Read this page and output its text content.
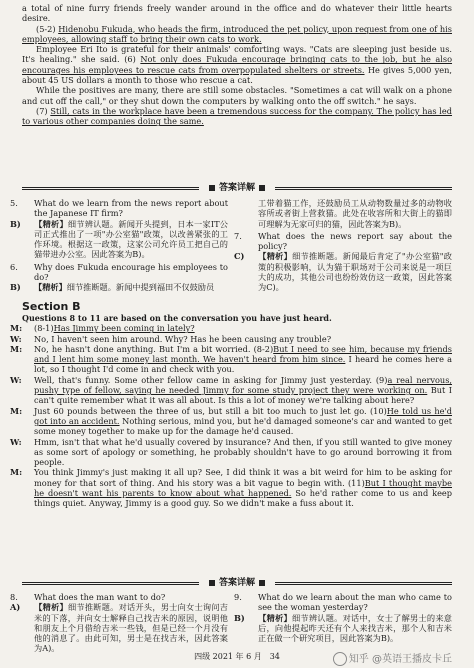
a total of nine furry friends freely wander around in the office and do whatever their little hearts desire.

(5-2) Hidenobu Fukuda, who heads the firm, introduced the pet policy, upon request from one of his employees, allowing staff to bring their own cats to work.

Employee Eri Ito is grateful for their animals' comforting ways. "Cats are sleeping just beside us. It's healing." she said. (6) Not only does Fukuda encourage bringing cats to the job, but he also encourages his employees to rescue cats from overpopulated shelters or streets. He gives 5,000 yen, about 45 US dollars a month to those who rescue a cat.

While the positives are many, there are still some obstacles. "Sometimes a cat will walk on a phone and cut off the call," or they shut down the computers by walking onto the off switch." he says.

(7) Still, cats in the workplace have been a tremendous success for the company. The policy has led to various other companies doing the same.

答案详解

5. What do we learn from the news report about the Japanese IT firm?

B) 【精析】细节辨认题。新闻开头提到，日本一家IT公司正式推出了一项"办公室猫"政策，以改善紧张的工作环境。根据这一政策，这家公司允许员工把自己的猫带进办公室。因此答案为B)。

6. Why does Fukuda encourage his employees to do?

B) 【精析】细节推断题。新闻中提到福田不仅鼓励员

工带着猫工作，还鼓励员工从动物数量过多的动物收容所或者街上营救猫。此处在收容所和大街上的猫即可理解为无家可归的猫，因此答案为B)。

7. What does the news report say about the policy?

C) 【精析】细节推断题。新闻最后肯定了"办公室猫"政策的积极影响，认为猫于职场对于公司来说是一项巨大的成功，其他公司也纷纷效仿这一政策，因此答案为C)。

Section B
Questions 8 to 11 are based on the conversation you have just heard.

M: (8-1)Has Jimmy been coming in lately?

W: No, I haven't seen him around. Why? Has he been causing any trouble?

M: No, he hasn't done anything. But I'm a bit worried. (8-2)But I need to see him, because my friends and I lent him some money last month. We haven't heard from him since. I heard he comes here a lot, so I thought I'd come in and check with you.

W: Well, that's funny. Some other fellow came in asking for Jimmy just yesterday. (9)a real nervous, pushy type of fellow, saying he needed Jimmy for some study project they were working on. But I can't quite remember what it was all about. Is this a lot of money we're talking about here?

M: Just 60 pounds between the three of us, but still a bit too much to just let go. (10)He told us he'd got into an accident. Nothing serious, mind you, but he'd damaged someone's car and wanted to get some money together to make up for the damage he'd caused.

W: Hmm, isn't that what he'd usually covered by insurance? And then, if you still wanted to give money as some sort of apology or something, he probably shouldn't have to go around borrowing it from people.

M: You think Jimmy's just making it all up? See, I did think it was a bit weird for him to be asking for money for that sort of thing. And his story was a bit vague to begin with. (11)But I thought maybe he doesn't want his parents to know about what happened. So he'd rather come to us and keep things quiet. Anyway, Jimmy is a good guy. So we didn't make a fuss about it.

答案详解

8. What does the man want to do?

A) 【精析】细节推断题。对话开头，男士向女士询问吉米的下落，并向女士解释自己找吉米的原因，说明他和朋友上个月借给吉米一些钱，但是已经一个月没有他的消息了。由此可知，男士是在找吉米，因此答案为A)。

9. What do we learn about the man who came to see the woman yesterday?

B) 【精析】细节辨认题。对话中，女士了解男士的来意后，向他提起昨天还有个人来找吉米，那个人和吉米正在做一个研究项目，因此答案为B)。

四级 2021 年 6 月　34	知乎 @英语王播皮卡丘
